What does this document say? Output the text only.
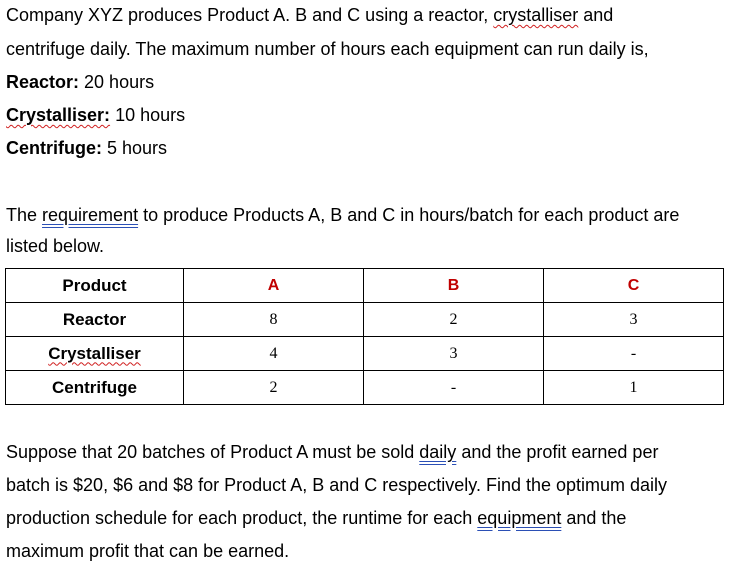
Company XYZ produces Product A. B and C using a reactor, crystalliser and
centrifuge daily. The maximum number of hours each equipment can run daily is,
Reactor: 20 hours
Crystalliser: 10 hours
Centrifuge: 5 hours
The requirement to produce Products A, B and C in hours/batch for each product are
listed below.
Product	A	B	C
Reactor	8	2	3
Crystalliser	4	3	-
Centrifuge	2	-	1
Suppose that 20 batches of Product A must be sold daily and the profit earned per
batch is $20, $6 and $8 for Product A, B and C respectively. Find the optimum daily
production schedule for each product, the runtime for each equipment and the
maximum profit that can be earned.
